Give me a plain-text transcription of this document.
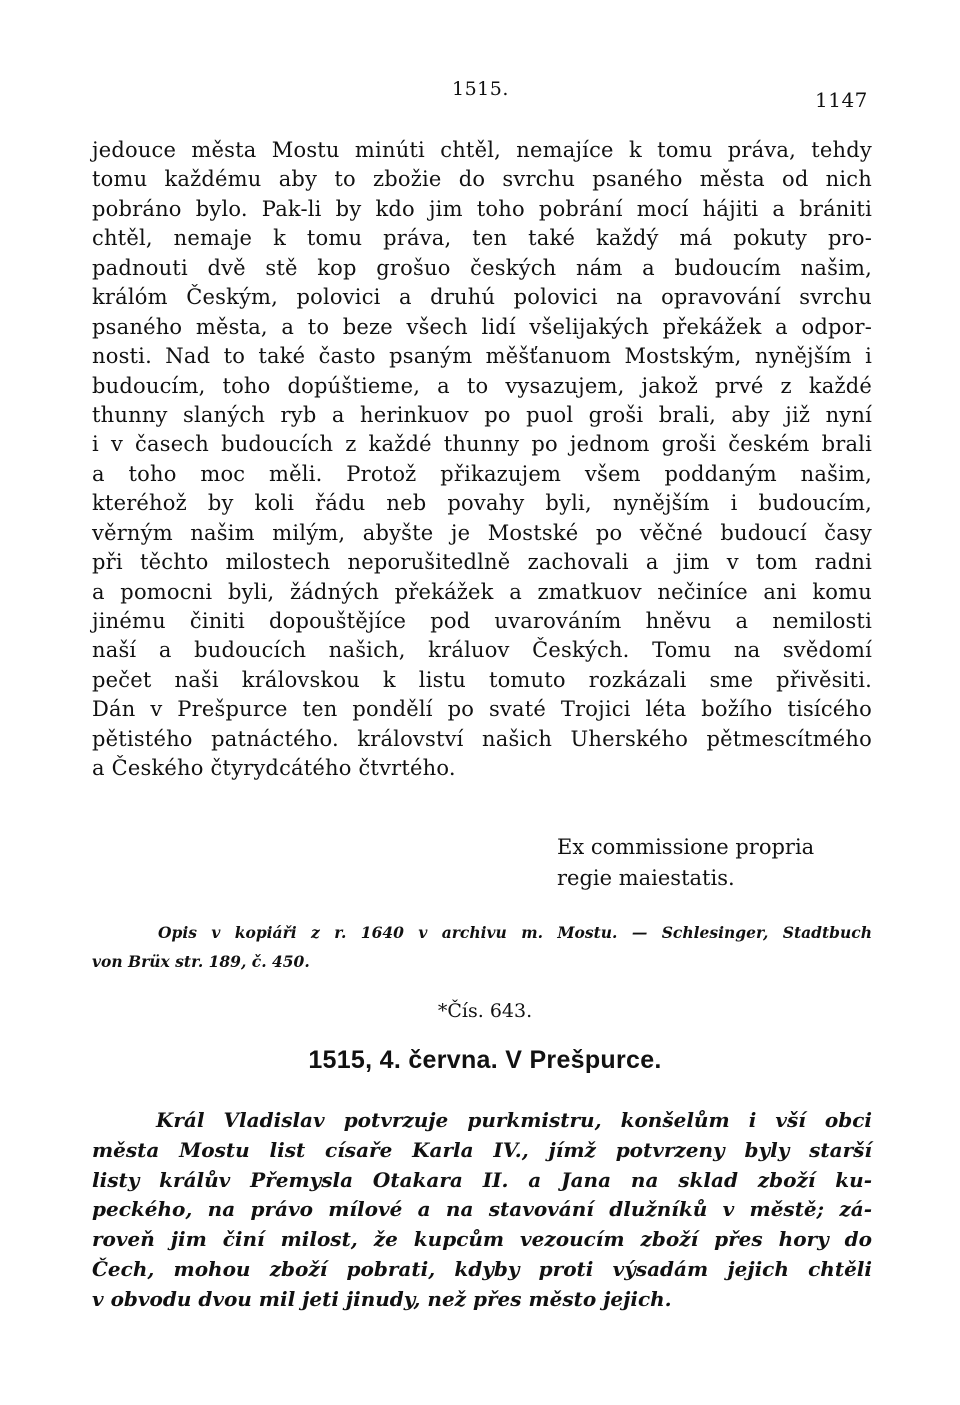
1515.	1147
jedouce města Mostu minúti chtěl, nemajíce k tomu práva, tehdy
tomu každému aby to zbožie do svrchu psaného města od nich
pobráno bylo. Pak-li by kdo jim toho pobrání mocí hájiti a brániti
chtěl, nemaje k tomu práva, ten také každý má pokuty pro-
padnouti dvě stě kop grošuo českých nám a budoucím našim,
králóm Českým, polovici a druhú polovici na opravování svrchu
psaného města, a to beze všech lidí všelijakých překážek a odpor-
nosti. Nad to také často psaným měšťanuom Mostským, nynějším i
budoucím, toho dopúštieme, a to vysazujem, jakož prvé z každé
thunny slaných ryb a herinkuov po puol groši brali, aby již nyní
i v časech budoucích z každé thunny po jednom groši českém brali
a toho moc měli. Protož přikazujem všem poddaným našim,
kteréhož by koli řádu neb povahy byli, nynějším i budoucím,
věrným našim milým, abyšte je Mostské po věčné budoucí časy
při těchto milostech neporušitedlně zachovali a jim v tom radni
a pomocni byli, žádných překážek a zmatkuov nečiníce ani komu
jinému činiti dopouštějíce pod uvarováním hněvu a nemilosti
naší a budoucích našich, králuov Českých. Tomu na svědomí
pečet naši královskou k listu tomuto rozkázali sme přivěsiti.
Dán v Prešpurce ten pondělí po svaté Trojici léta božího tisícého
pětistého patnáctého. království našich Uherského pětmescítmého
a Českého čtyrydcátého čtvrtého.
Ex commissione propria
regie maiestatis.
Opis v kopiáři z r. 1640 v archivu m. Mostu. — Schlesinger, Stadtbuch
von Brüx str. 189, č. 450.
*Čís. 643.
1515, 4. června. V Prešpurce.
Král Vladislav potvrzuje purkmistru, konšelům i vší obci
města Mostu list císaře Karla IV., jímž potvrzeny byly starší
listy králův Přemysla Otakara II. a Jana na sklad zboží ku-
peckého, na právo mílové a na stavování dlužníků v městě; zá-
roveň jim činí milost, že kupcům vezoucím zboží přes hory do
Čech, mohou zboží pobrati, kdyby proti výsadám jejich chtěli
v obvodu dvou mil jeti jinudy, než přes město jejich.
